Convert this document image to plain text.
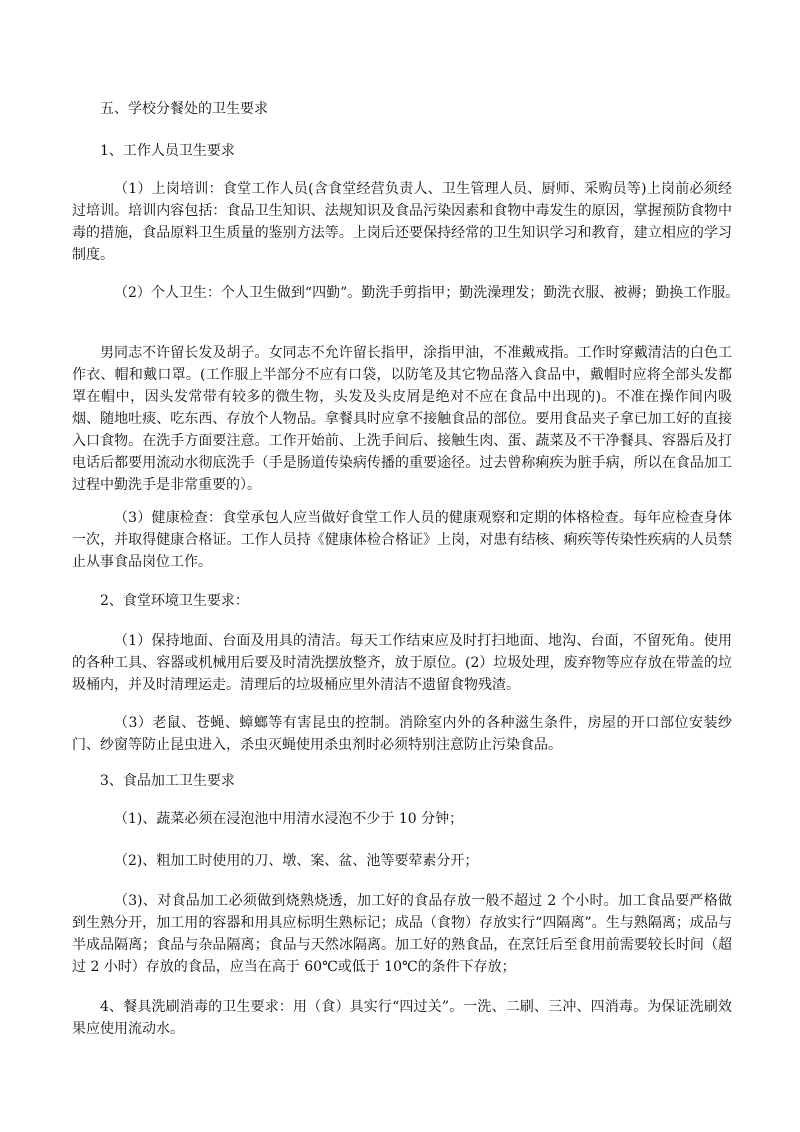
五、学校分餐处的卫生要求

1、工作人员卫生要求

（1）上岗培训：食堂工作人员(含食堂经营负责人、卫生管理人员、厨师、采购员等)上岗前必须经过培训。培训内容包括：食品卫生知识、法规知识及食品污染因素和食物中毒发生的原因，掌握预防食物中毒的措施，食品原料卫生质量的鉴别方法等。上岗后还要保持经常的卫生知识学习和教育，建立相应的学习制度。

（2）个人卫生：个人卫生做到“四勤”。勤洗手剪指甲；勤洗澡理发；勤洗衣服、被褥；勤换工作服。

男同志不许留长发及胡子。女同志不允许留长指甲，涂指甲油，不准戴戒指。工作时穿戴清洁的白色工作衣、帽和戴口罩。(工作服上半部分不应有口袋，以防笔及其它物品落入食品中，戴帽时应将全部头发都罩在帽中，因头发常带有较多的微生物，头发及头皮屑是绝对不应在食品中出现的)。不准在操作间内吸烟、随地吐痰、吃东西、存放个人物品。拿餐具时应拿不接触食品的部位。要用食品夹子拿已加工好的直接入口食物。在洗手方面要注意。工作开始前、上洗手间后、接触生肉、蛋、蔬菜及不干净餐具、容器后及打电话后都要用流动水彻底洗手（手是肠道传染病传播的重要途径。过去曾称痢疾为脏手病，所以在食品加工过程中勤洗手是非常重要的）。

（3）健康检查：食堂承包人应当做好食堂工作人员的健康观察和定期的体格检查。每年应检查身体一次，并取得健康合格证。工作人员持《健康体检合格证》上岗，对患有结核、痢疾等传染性疾病的人员禁止从事食品岗位工作。

2、食堂环境卫生要求：

（1）保持地面、台面及用具的清洁。每天工作结束应及时打扫地面、地沟、台面，不留死角。使用的各种工具、容器或机械用后要及时清洗摆放整齐，放于原位。(2）垃圾处理，废弃物等应存放在带盖的垃圾桶内，并及时清理运走。清理后的垃圾桶应里外清洁不遗留食物残渣。

（3）老鼠、苍蝇、蟑螂等有害昆虫的控制。消除室内外的各种滋生条件，房屋的开口部位安装纱门、纱窗等防止昆虫进入，杀虫灭蝇使用杀虫剂时必须特别注意防止污染食品。

3、食品加工卫生要求

（1)、蔬菜必须在浸泡池中用清水浸泡不少于 10 分钟；

（2)、粗加工时使用的刀、墩、案、盆、池等要荤素分开；

（3)、对食品加工必须做到烧熟烧透，加工好的食品存放一般不超过 2 个小时。加工食品要严格做到生熟分开，加工用的容器和用具应标明生熟标记；成品（食物）存放实行“四隔离”。生与熟隔离；成品与半成品隔离；食品与杂品隔离；食品与天然冰隔离。加工好的熟食品，在烹饪后至食用前需要较长时间（超过 2 小时）存放的食品，应当在高于 60℃或低于 10℃的条件下存放；

4、餐具洗刷消毒的卫生要求：用（食）具实行“四过关”。一洗、二刷、三冲、四消毒。为保证洗刷效果应使用流动水。
